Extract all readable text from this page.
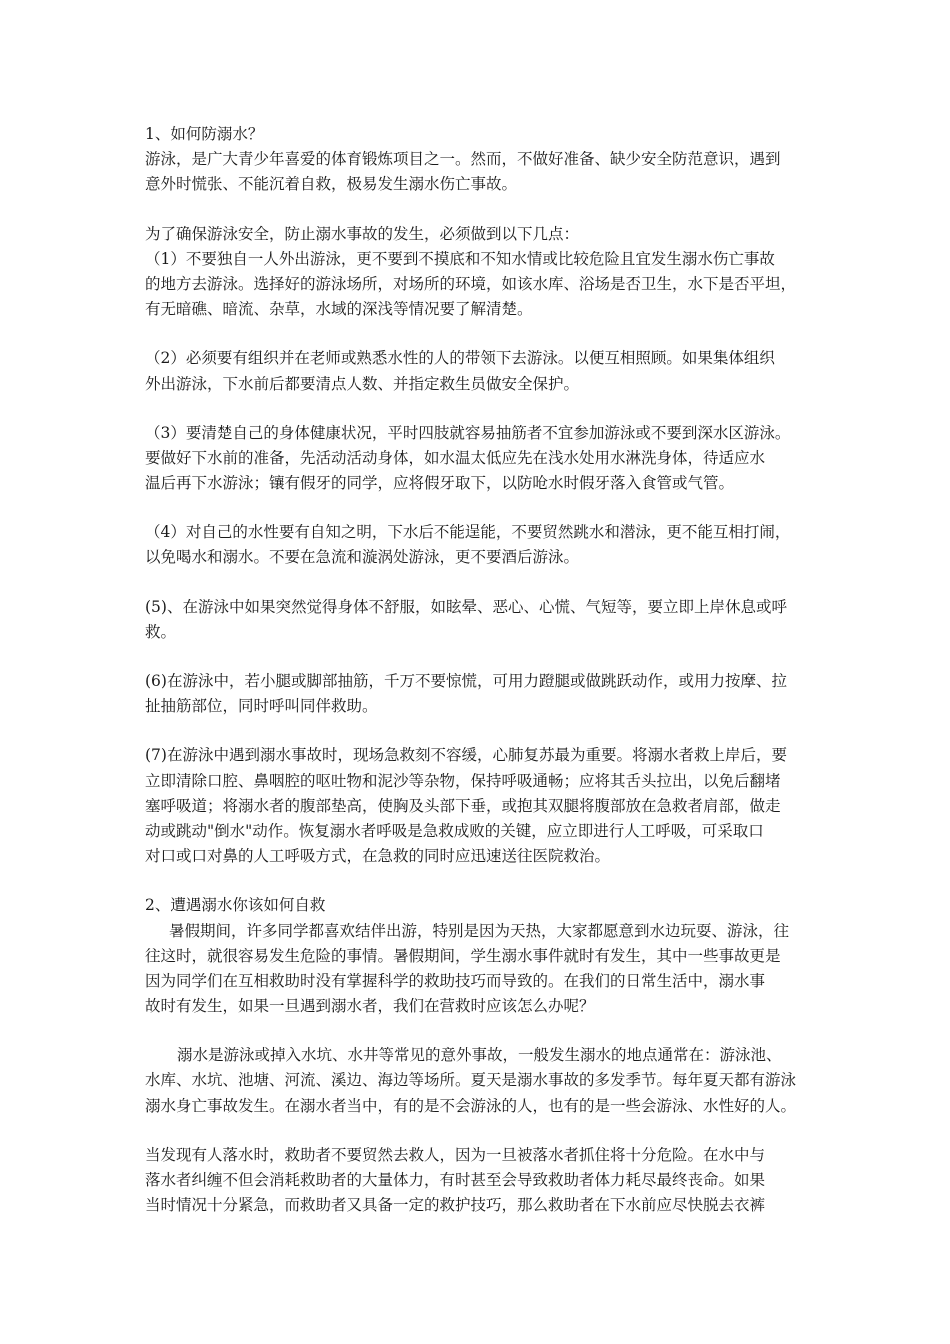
1、如何防溺水？
游泳，是广大青少年喜爱的体育锻炼项目之一。然而，不做好准备、缺少安全防范意识，遇到
意外时慌张、不能沉着自救，极易发生溺水伤亡事故。
为了确保游泳安全，防止溺水事故的发生，必须做到以下几点：
（1）不要独自一人外出游泳，更不要到不摸底和不知水情或比较危险且宜发生溺水伤亡事故
的地方去游泳。选择好的游泳场所，对场所的环境，如该水库、浴场是否卫生，水下是否平坦，
有无暗礁、暗流、杂草，水域的深浅等情况要了解清楚。
（2）必须要有组织并在老师或熟悉水性的人的带领下去游泳。以便互相照顾。如果集体组织
外出游泳，下水前后都要清点人数、并指定救生员做安全保护。
（3）要清楚自己的身体健康状况，平时四肢就容易抽筋者不宜参加游泳或不要到深水区游泳。
要做好下水前的准备，先活动活动身体，如水温太低应先在浅水处用水淋洗身体，待适应水
温后再下水游泳；镶有假牙的同学，应将假牙取下，以防呛水时假牙落入食管或气管。
（4）对自己的水性要有自知之明，下水后不能逞能，不要贸然跳水和潜泳，更不能互相打闹，
以免喝水和溺水。不要在急流和漩涡处游泳，更不要酒后游泳。
(5)、在游泳中如果突然觉得身体不舒服，如眩晕、恶心、心慌、气短等，要立即上岸休息或呼
救。
(6)在游泳中，若小腿或脚部抽筋，千万不要惊慌，可用力蹬腿或做跳跃动作，或用力按摩、拉
扯抽筋部位，同时呼叫同伴救助。
(7)在游泳中遇到溺水事故时，现场急救刻不容缓，心肺复苏最为重要。将溺水者救上岸后，要
立即清除口腔、鼻咽腔的呕吐物和泥沙等杂物，保持呼吸通畅；应将其舌头拉出，以免后翻堵
塞呼吸道；将溺水者的腹部垫高，使胸及头部下垂，或抱其双腿将腹部放在急救者肩部，做走
动或跳动"倒水"动作。恢复溺水者呼吸是急救成败的关键，应立即进行人工呼吸，可采取口
对口或口对鼻的人工呼吸方式，在急救的同时应迅速送往医院救治。
2、遭遇溺水你该如何自救
暑假期间，许多同学都喜欢结伴出游，特别是因为天热，大家都愿意到水边玩耍、游泳，往
往这时，就很容易发生危险的事情。暑假期间，学生溺水事件就时有发生，其中一些事故更是
因为同学们在互相救助时没有掌握科学的救助技巧而导致的。在我们的日常生活中，溺水事
故时有发生，如果一旦遇到溺水者，我们在营救时应该怎么办呢？
溺水是游泳或掉入水坑、水井等常见的意外事故，一般发生溺水的地点通常在：游泳池、
水库、水坑、池塘、河流、溪边、海边等场所。夏天是溺水事故的多发季节。每年夏天都有游泳
溺水身亡事故发生。在溺水者当中，有的是不会游泳的人，也有的是一些会游泳、水性好的人。
当发现有人落水时，救助者不要贸然去救人，因为一旦被落水者抓住将十分危险。在水中与
落水者纠缠不但会消耗救助者的大量体力，有时甚至会导致救助者体力耗尽最终丧命。如果
当时情况十分紧急，而救助者又具备一定的救护技巧，那么救助者在下水前应尽快脱去衣裤
